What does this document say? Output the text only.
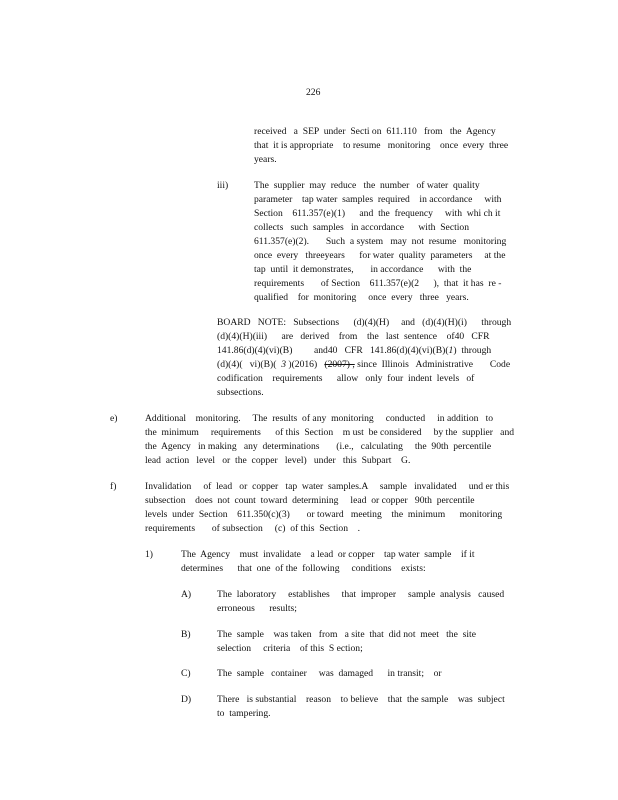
226
received   a  SEP  under  Secti on  611.110   from   the  Agency
that  it is appropriate    to resume   monitoring    once  every  three
years.
iii)	The  supplier  may  reduce   the  number   of water  quality
parameter    tap water  samples  required    in accordance     with
Section    611.357(e)(1)      and  the  frequency     with  whi ch it
collects   such  samples   in accordance      with  Section
611.357(e)(2).       Such  a system   may  not  resume   monitoring
once  every   threeyears      for water  quality  parameters     at the
tap  until  it demonstrates,       in accordance      with  the
requirements       of Section    611.357(e)(2      ),  that  it has  re -
qualified    for  monitoring     once  every   three   years.
BOARD   NOTE:   Subsections      (d)(4)(H)     and   (d)(4)(H)(i)      through
(d)(4)(H)(iii)      are   derived    from    the   last  sentence    of40   CFR
141.86(d)(4)(vi)(B)         and40   CFR   141.86(d)(4)(vi)(B)(1)  through
(d)(4)(   vi)(B)(  3 )(2016)   (2007) , since  Illinois   Administrative       Code
codification    requirements      allow   only  four  indent  levels   of
subsections.
e)	Additional    monitoring.     The  results  of any  monitoring     conducted     in addition   to
the  minimum     requirements      of this  Section    m ust  be considered     by the  supplier   and
the  Agency   in making   any  determinations       (i.e.,   calculating     the  90th  percentile
lead  action   level   or  the  copper   level)   under   this  Subpart    G.
f)	Invalidation     of  lead   or  copper   tap  water  samples.A     sample   invalidated     und er this
subsection    does  not  count  toward  determining     lead  or copper   90th  percentile
levels  under  Section    611.350(c)(3)       or toward   meeting    the  minimum      monitoring
requirements       of subsection     (c)  of this  Section    .
1)	The  Agency    must  invalidate    a lead  or copper    tap water  sample    if it
determines      that  one  of the  following     conditions    exists:
A)	The  laboratory     establishes     that  improper     sample  analysis   caused
erroneous      results;
B)	The  sample    was taken   from   a site  that  did not  meet   the  site
selection     criteria    of this  S ection;
C)	The  sample   container     was  damaged      in transit;    or
D)	There   is substantial    reason    to believe    that  the sample    was  subject
to  tampering.
